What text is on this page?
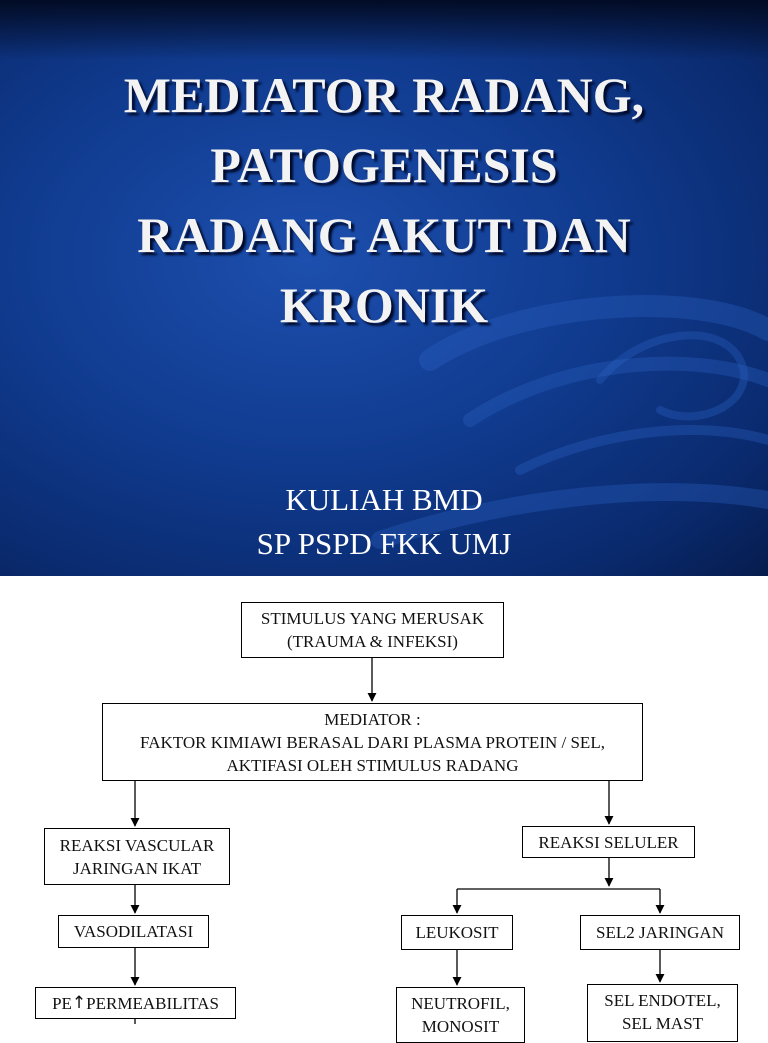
MEDIATOR RADANG,
PATOGENESIS
RADANG AKUT DAN
KRONIK
KULIAH BMD
SP PSPD FKK UMJ
STIMULUS YANG MERUSAK
(TRAUMA & INFEKSI)
MEDIATOR :
FAKTOR KIMIAWI BERASAL DARI PLASMA PROTEIN / SEL,
AKTIFASI OLEH STIMULUS RADANG
REAKSI VASCULAR
JARINGAN IKAT
VASODILATASI
PE ↑ PERMEABILITAS
REAKSI SELULER
LEUKOSIT	SEL2 JARINGAN
NEUTROFIL,
MONOSIT
SEL ENDOTEL,
SEL MAST
